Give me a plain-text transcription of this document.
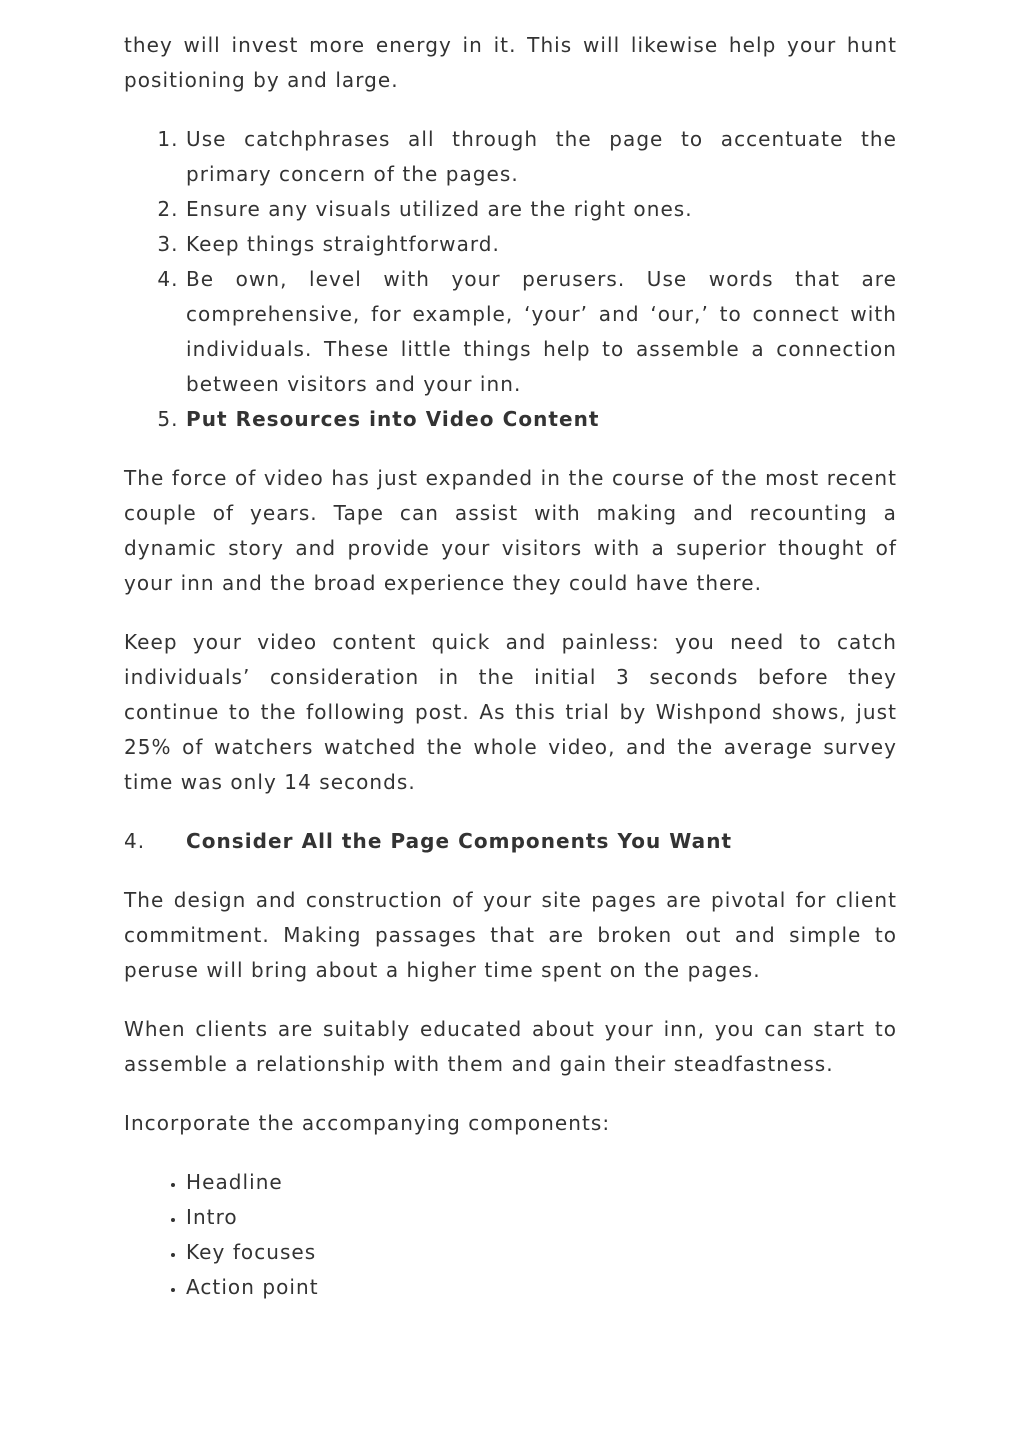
they will invest more energy in it. This will likewise help your hunt positioning by and large.

1. Use catchphrases all through the page to accentuate the primary concern of the pages.
2. Ensure any visuals utilized are the right ones.
3. Keep things straightforward.
4. Be own, level with your perusers. Use words that are comprehensive, for example, ‘your’ and ‘our,’ to connect with individuals. These little things help to assemble a connection between visitors and your inn.
5. Put Resources into Video Content

The force of video has just expanded in the course of the most recent couple of years. Tape can assist with making and recounting a dynamic story and provide your visitors with a superior thought of your inn and the broad experience they could have there.

Keep your video content quick and painless: you need to catch individuals’ consideration in the initial 3 seconds before they continue to the following post. As this trial by Wishpond shows, just 25% of watchers watched the whole video, and the average survey time was only 14 seconds.

4.	Consider All the Page Components You Want

The design and construction of your site pages are pivotal for client commitment. Making passages that are broken out and simple to peruse will bring about a higher time spent on the pages.

When clients are suitably educated about your inn, you can start to assemble a relationship with them and gain their steadfastness.

Incorporate the accompanying components:

• Headline
• Intro
• Key focuses
• Action point
